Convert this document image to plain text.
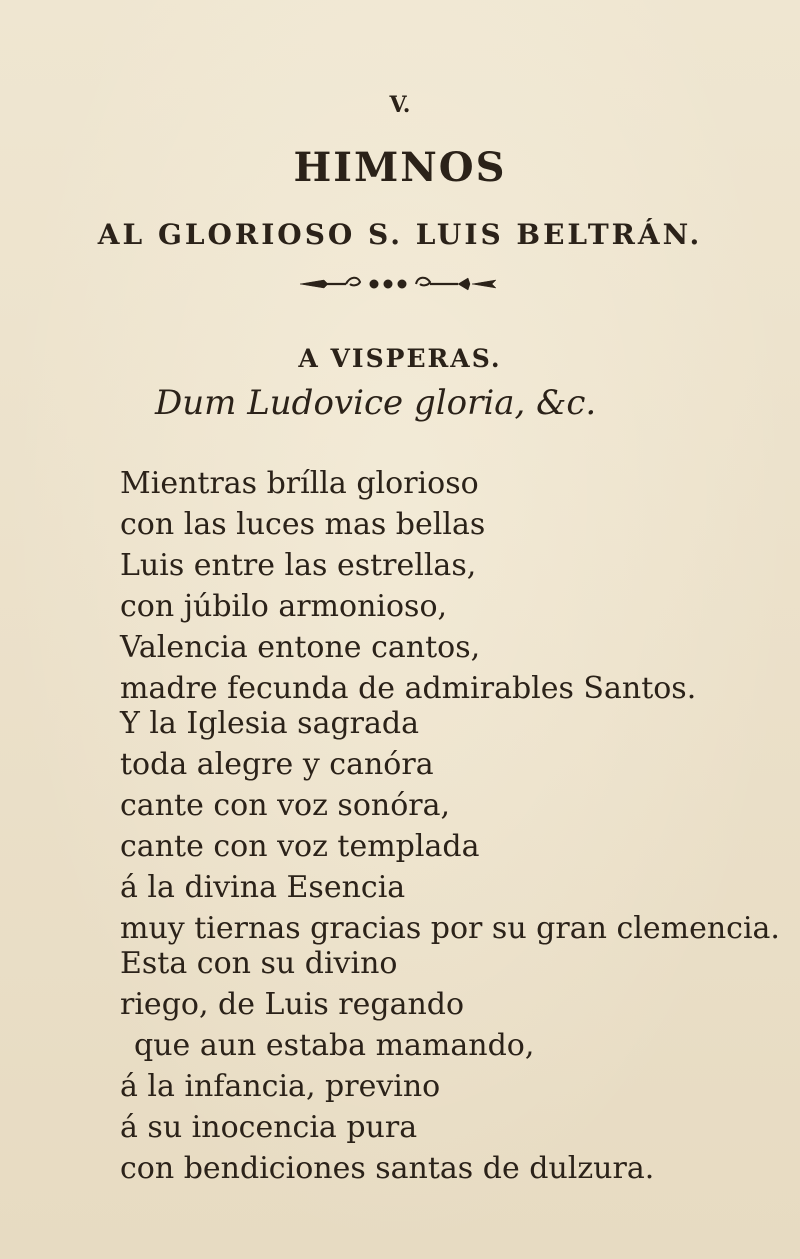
V.
HIMNOS
AL GLORIOSO S. LUIS BELTRÁN.
A VISPERAS.
Dum Ludovice gloria, &c.
Mientras brílla glorioso
con las luces mas bellas
Luis entre las estrellas,
con júbilo armonioso,
Valencia entone cantos,
madre fecunda de admirables Santos.
Y la Iglesia sagrada
toda alegre y canóra
cante con voz sonóra,
cante con voz templada
á la divina Esencia
muy tiernas gracias por su gran clemencia.
Esta con su divino
riego, de Luis regando
que aun estaba mamando,
á la infancia, previno
á su inocencia pura
con bendiciones santas de dulzura.
